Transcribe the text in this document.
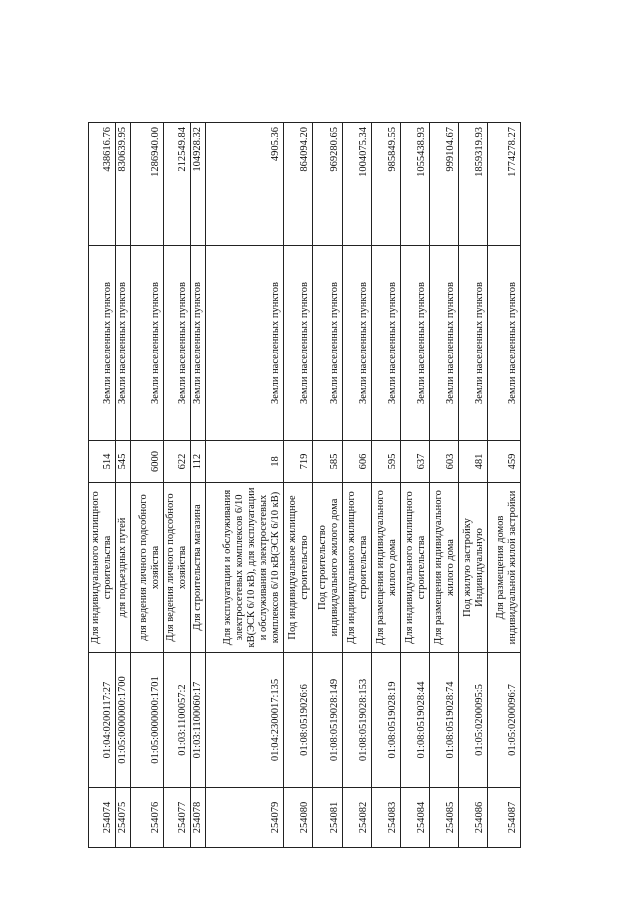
254074	01:04:0200117:27	Для индивидуального жилищного строительства	514	Земли населенных пунктов	438616.76
254075	01:05:0000000:1700	для подъездных путей	545	Земли населенных пунктов	830639.95
254076	01:05:0000000:1701	для ведения личного подсобного хозяйства	6000	Земли населенных пунктов	1286940.00
254077	01:03:1100057:2	Для ведения личного подсобного хозяйства	622	Земли населенных пунктов	212549.84
254078	01:03:1100060:17	Для строительства магазина	112	Земли населенных пунктов	104928.32
254079	01:04:2300017:135	Для эксплуатации и обслуживания электросетевых комплексов 6/10 кВ(ЭСК 6/10 кВ), для эксплуатации и обслуживания электросетевых комплексов 6/10 кВ(ЭСК 6/10 кВ)	18	Земли населенных пунктов	4905.36
254080	01:08:0519026:6	Под индивидуальное жилищное строительство	719	Земли населенных пунктов	864094.20
254081	01:08:0519028:149	Под строительство индивидуального жилого дома	585	Земли населенных пунктов	969280.65
254082	01:08:0519028:153	Для индивидуального жилищного строительства	606	Земли населенных пунктов	1004075.34
254083	01:08:0519028:19	Для размещения индивидуального жилого дома	595	Земли населенных пунктов	985849.55
254084	01:08:0519028:44	Для индивидуального жилищного строительства	637	Земли населенных пунктов	1055438.93
254085	01:08:0519028:74	Для размещения индивидуального жилого дома	603	Земли населенных пунктов	999104.67
254086	01:05:0200095:5	Под жилую застройку Индивидуальную	481	Земли населенных пунктов	1859319.93
254087	01:05:0200096:7	Для размещения домов индивидуальной жилой застройки	459	Земли населенных пунктов	1774278.27
